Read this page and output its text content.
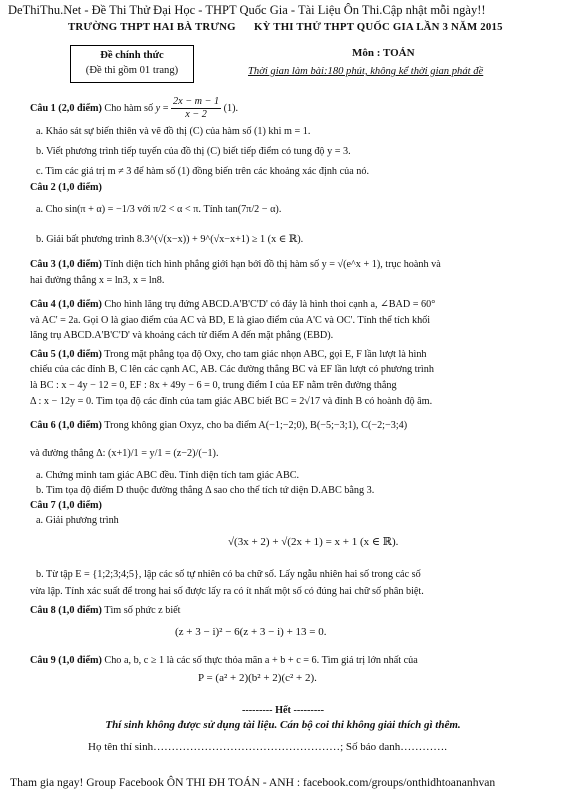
DeThiThu.Net - Đề Thi Thử Đại Học - THPT Quốc Gia - Tài Liệu Ôn Thi.Cập nhật mỗi ngày!!
TRƯỜNG THPT HAI BÀ TRƯNG KỲ THI THỬ THPT QUỐC GIA LẦN 3 NĂM 2015
Đề chính thức
(Đề thi gồm 01 trang)
Môn : TOÁN
Thời gian làm bài:180 phút, không kể thời gian phát đề
Câu 1 (2,0 điểm) Cho hàm số $y = \frac{2x - m - 1}{x - 2} (1)$.
a. Khảo sát sự biến thiên và vẽ đồ thị (C) của hàm số (1) khi m = 1.
b. Viết phương trình tiếp tuyến của đồ thị (C) biết tiếp điểm có tung độ y = 3.
c. Tìm các giá trị m ≠ 3 để hàm số (1) đồng biến trên các khoảng xác định của nó.
Câu 2 (1,0 điểm)
a. Cho sin(π + α) = −1/3 với π/2 < α < π. Tính tan(7π/2 − α).
b. Giải bất phương trình 8.3^(√(x−x)) + 9^(√x−x+1) ≥ 1 (x ∈ ℝ).
Câu 3 (1,0 điểm) Tính diện tích hình phẳng giới hạn bởi đồ thị hàm số y = √(e^x + 1), trục hoành và
hai đường thẳng x = ln3, x = ln8.
Câu 4 (1,0 điểm) Cho hình lăng trụ đứng ABCD.A'B'C'D' có đáy là hình thoi cạnh a, ∠BAD = 60°
và AC' = 2a. Gọi O là giao điểm của AC và BD, E là giao điểm của A'C và OC'. Tính thể tích khối
lăng trụ ABCD.A'B'C'D' và khoảng cách từ điểm A đến mặt phẳng (EBD).
Câu 5 (1,0 điểm) Trong mặt phẳng tọa độ Oxy, cho tam giác nhọn ABC, gọi E, F lần lượt là hình
chiếu của các đỉnh B, C lên các cạnh AC, AB. Các đường thẳng BC và EF lần lượt có phương trình
là BC : x − 4y − 12 = 0, EF : 8x + 49y − 6 = 0, trung điểm I của EF nằm trên đường thẳng
Δ : x − 12y = 0. Tìm tọa độ các đỉnh của tam giác ABC biết BC = 2√17 và đỉnh B có hoành độ âm.
Câu 6 (1,0 điểm) Trong không gian Oxyz, cho ba điểm A(−1;−2;0), B(−5;−3;1), C(−2;−3;4)
và đường thẳng Δ: (x+1)/1 = y/1 = (z−2)/(−1).
a. Chứng minh tam giác ABC đều. Tính diện tích tam giác ABC.
b. Tìm tọa độ điểm D thuộc đường thẳng Δ sao cho thể tích tứ diện D.ABC bằng 3.
Câu 7 (1,0 điểm)
a. Giải phương trình
√(3x + 2) + √(2x + 1) = x + 1 (x ∈ ℝ).
b. Từ tập E = {1;2;3;4;5}, lập các số tự nhiên có ba chữ số. Lấy ngẫu nhiên hai số trong các số
vừa lập. Tính xác suất để trong hai số được lấy ra có ít nhất một số có đúng hai chữ số phân biệt.
Câu 8 (1,0 điểm) Tìm số phức z biết
(z + 3 − i)² − 6(z + 3 − i) + 13 = 0.
Câu 9 (1,0 điểm) Cho a, b, c ≥ 1 là các số thực thỏa mãn a + b + c = 6. Tìm giá trị lớn nhất của
P = (a² + 2)(b² + 2)(c² + 2).
--------- Hết ---------
Thí sinh không được sử dụng tài liệu. Cán bộ coi thi không giải thích gì thêm.
Họ tên thí sinh……………………………………………; Số báo danh………….
Tham gia ngay! Group Facebook ÔN THI ĐH TOÁN - ANH : facebook.com/groups/onthidhtoananhvan
